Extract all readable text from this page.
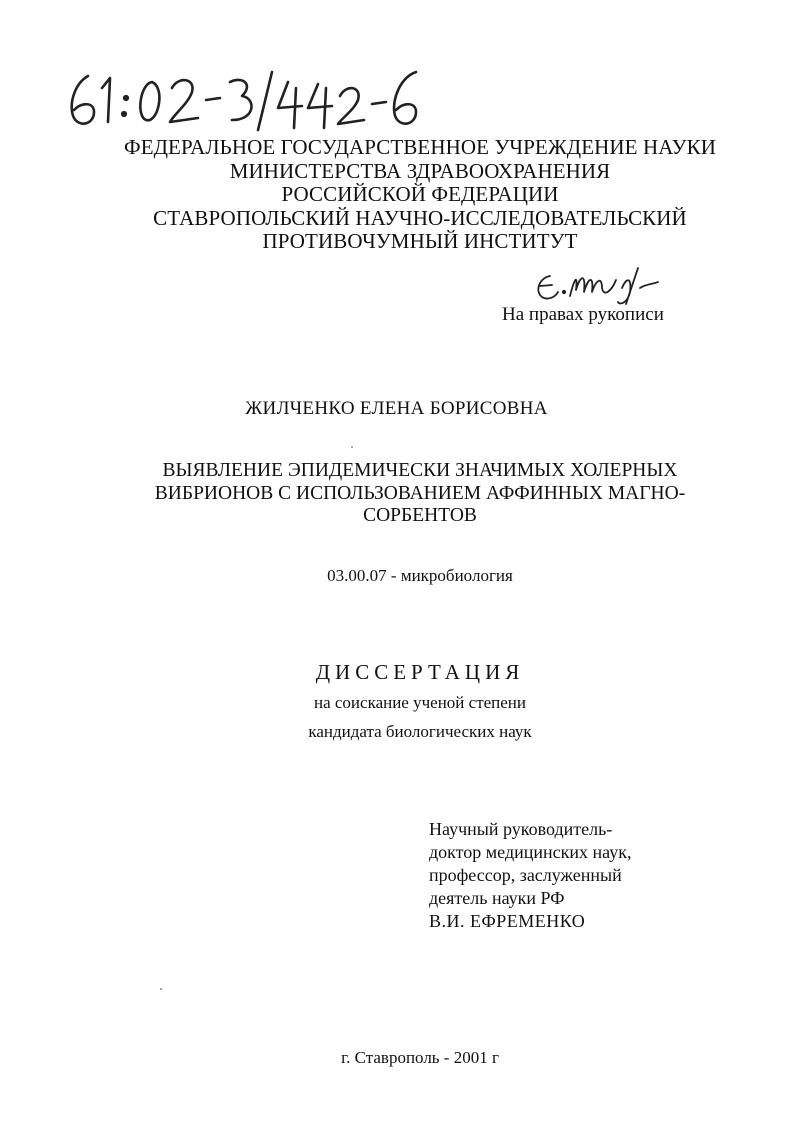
ФЕДЕРАЛЬНОЕ ГОСУДАРСТВЕННОЕ УЧРЕЖДЕНИЕ НАУКИ
МИНИСТЕРСТВА ЗДРАВООХРАНЕНИЯ
РОССИЙСКОЙ ФЕДЕРАЦИИ
СТАВРОПОЛЬСКИЙ НАУЧНО-ИССЛЕДОВАТЕЛЬСКИЙ
ПРОТИВОЧУМНЫЙ ИНСТИТУТ
На правах рукописи
ЖИЛЧЕНКО ЕЛЕНА БОРИСОВНА
ВЫЯВЛЕНИЕ ЭПИДЕМИЧЕСКИ ЗНАЧИМЫХ ХОЛЕРНЫХ
ВИБРИОНОВ С ИСПОЛЬЗОВАНИЕМ АФФИННЫХ МАГНО-
СОРБЕНТОВ
03.00.07 - микробиология
ДИССЕРТАЦИЯ
на соискание ученой степени
кандидата биологических наук
Научный руководитель-
доктор медицинских наук,
профессор, заслуженный
деятель науки РФ
В.И. ЕФРЕМЕНКО
г. Ставрополь - 2001 г
